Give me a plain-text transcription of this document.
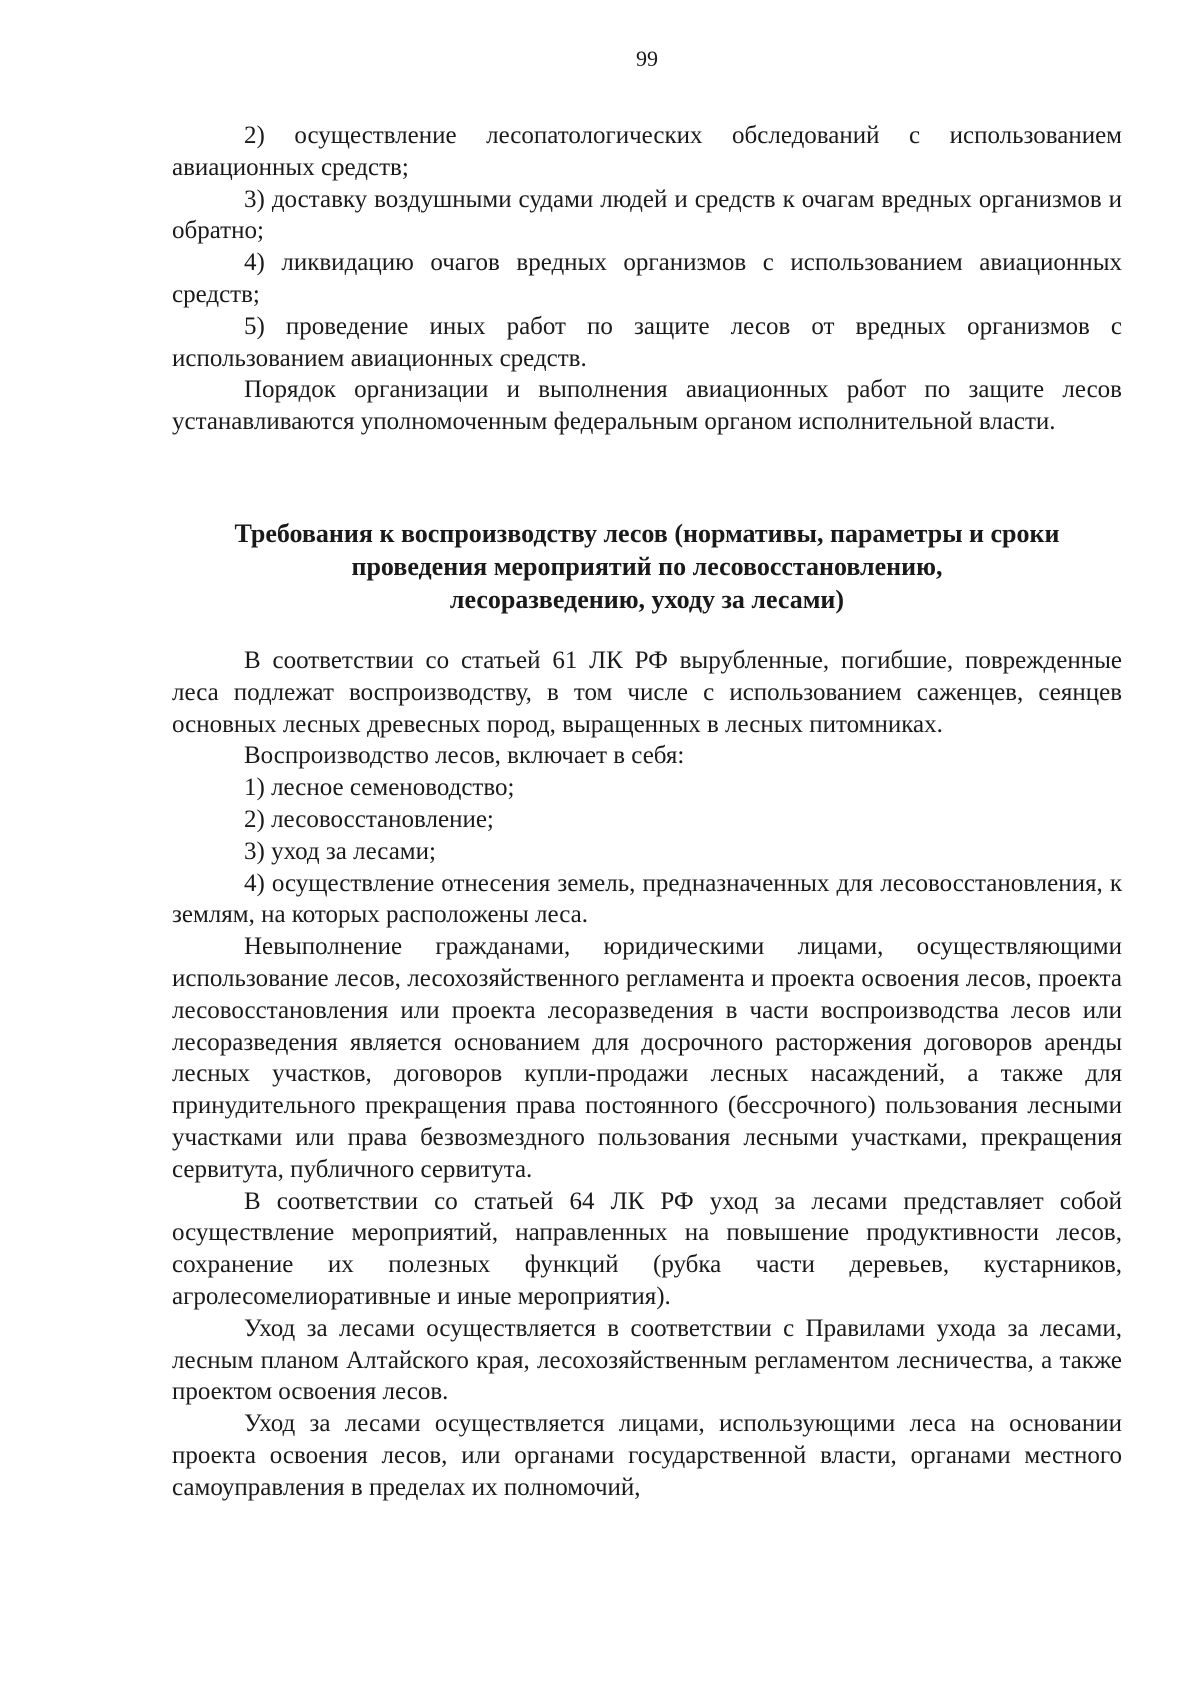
99

2) осуществление лесопатологических обследований с использованием авиационных средств;

3) доставку воздушными судами людей и средств к очагам вредных организмов и обратно;

4) ликвидацию очагов вредных организмов с использованием авиационных средств;

5) проведение иных работ по защите лесов от вредных организмов с использованием авиационных средств.

Порядок организации и выполнения авиационных работ по защите лесов устанавливаются уполномоченным федеральным органом исполнительной власти.

Требования к воспроизводству лесов (нормативы, параметры и сроки

проведения мероприятий по лесовосстановлению,

лесоразведению, уходу за лесами)

В соответствии со статьей 61 ЛК РФ вырубленные, погибшие, поврежденные леса подлежат воспроизводству, в том числе с использованием саженцев, сеянцев основных лесных древесных пород, выращенных в лесных питомниках.

Воспроизводство лесов, включает в себя:

1) лесное семеноводство;

2) лесовосстановление;

3) уход за лесами;

4) осуществление отнесения земель, предназначенных для лесовосстановления, к землям, на которых расположены леса.

Невыполнение гражданами, юридическими лицами, осуществляющими использование лесов, лесохозяйственного регламента и проекта освоения лесов, проекта лесовосстановления или проекта лесоразведения в части воспроизводства лесов или лесоразведения является основанием для досрочного расторжения договоров аренды лесных участков, договоров купли-продажи лесных насаждений, а также для принудительного прекращения права постоянного (бессрочного) пользования лесными участками или права безвозмездного пользования лесными участками, прекращения сервитута, публичного сервитута.

В соответствии со статьей 64 ЛК РФ уход за лесами представляет собой осуществление мероприятий, направленных на повышение продуктивности лесов, сохранение их полезных функций (рубка части деревьев, кустарников, агролесомелиоративные и иные мероприятия).

Уход за лесами осуществляется в соответствии с Правилами ухода за лесами, лесным планом Алтайского края, лесохозяйственным регламентом лесничества, а также проектом освоения лесов.

Уход за лесами осуществляется лицами, использующими леса на основании проекта освоения лесов, или органами государственной власти, органами местного самоуправления в пределах их полномочий,
